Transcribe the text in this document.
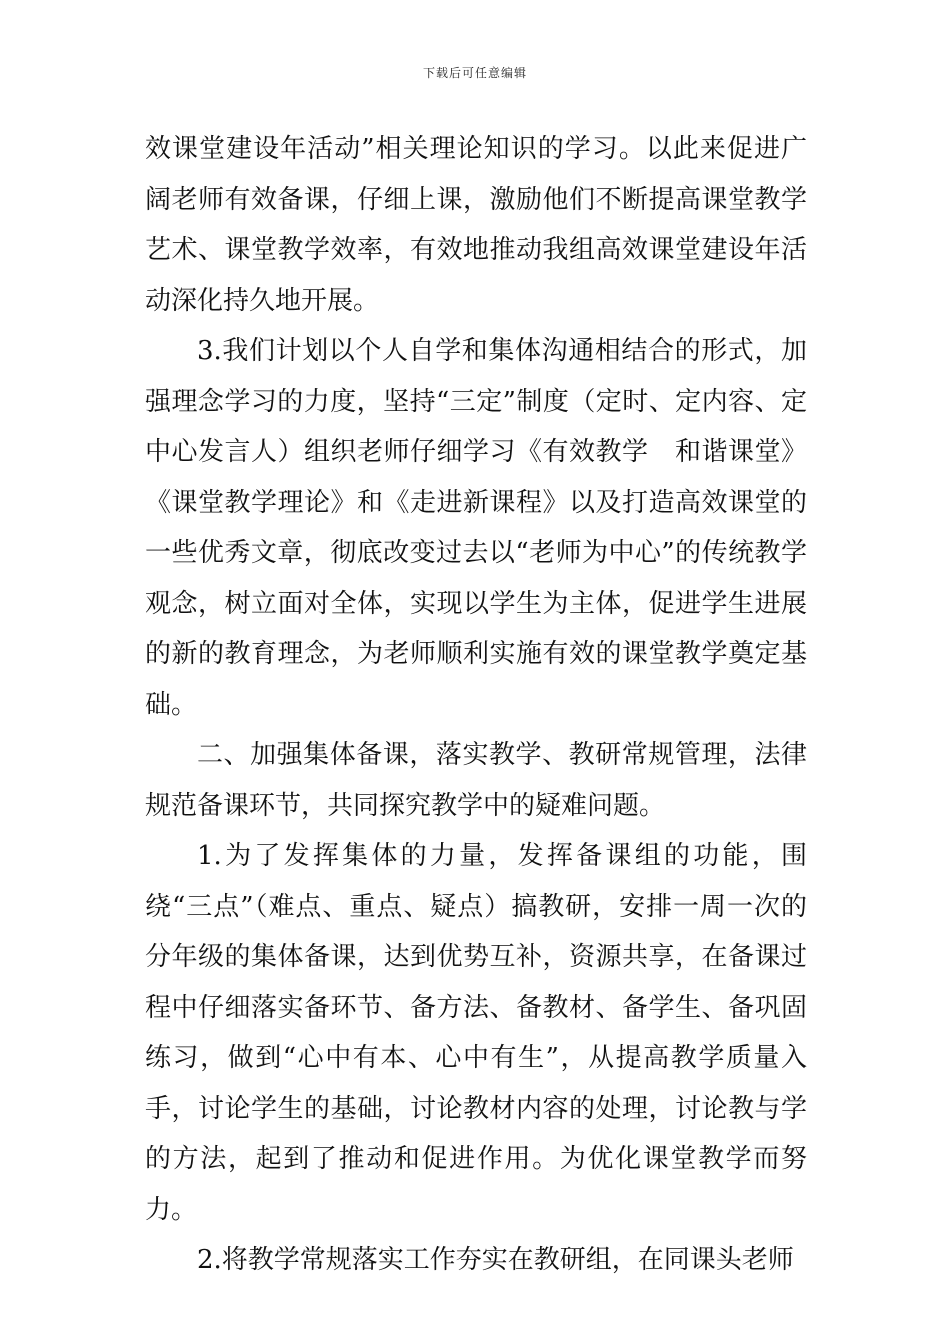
下载后可任意编辑

效课堂建设年活动”相关理论知识的学习。以此来促进广阔老师有效备课，仔细上课，激励他们不断提高课堂教学艺术、课堂教学效率，有效地推动我组高效课堂建设年活动深化持久地开展。

3.我们计划以个人自学和集体沟通相结合的形式，加强理念学习的力度，坚持“三定”制度（定时、定内容、定中心发言人）组织老师仔细学习《有效教学　和谐课堂》《课堂教学理论》和《走进新课程》以及打造高效课堂的一些优秀文章，彻底改变过去以“老师为中心”的传统教学观念，树立面对全体，实现以学生为主体，促进学生进展的新的教育理念，为老师顺利实施有效的课堂教学奠定基础。

二、加强集体备课，落实教学、教研常规管理，法律规范备课环节，共同探究教学中的疑难问题。

1.为了发挥集体的力量，发挥备课组的功能，围绕“三点”（难点、重点、疑点）搞教研，安排一周一次的分年级的集体备课，达到优势互补，资源共享，在备课过程中仔细落实备环节、备方法、备教材、备学生、备巩固练习，做到“心中有本、心中有生”，从提高教学质量入手，讨论学生的基础，讨论教材内容的处理，讨论教与学的方法，起到了推动和促进作用。为优化课堂教学而努力。

2.将教学常规落实工作夯实在教研组，在同课头老师
